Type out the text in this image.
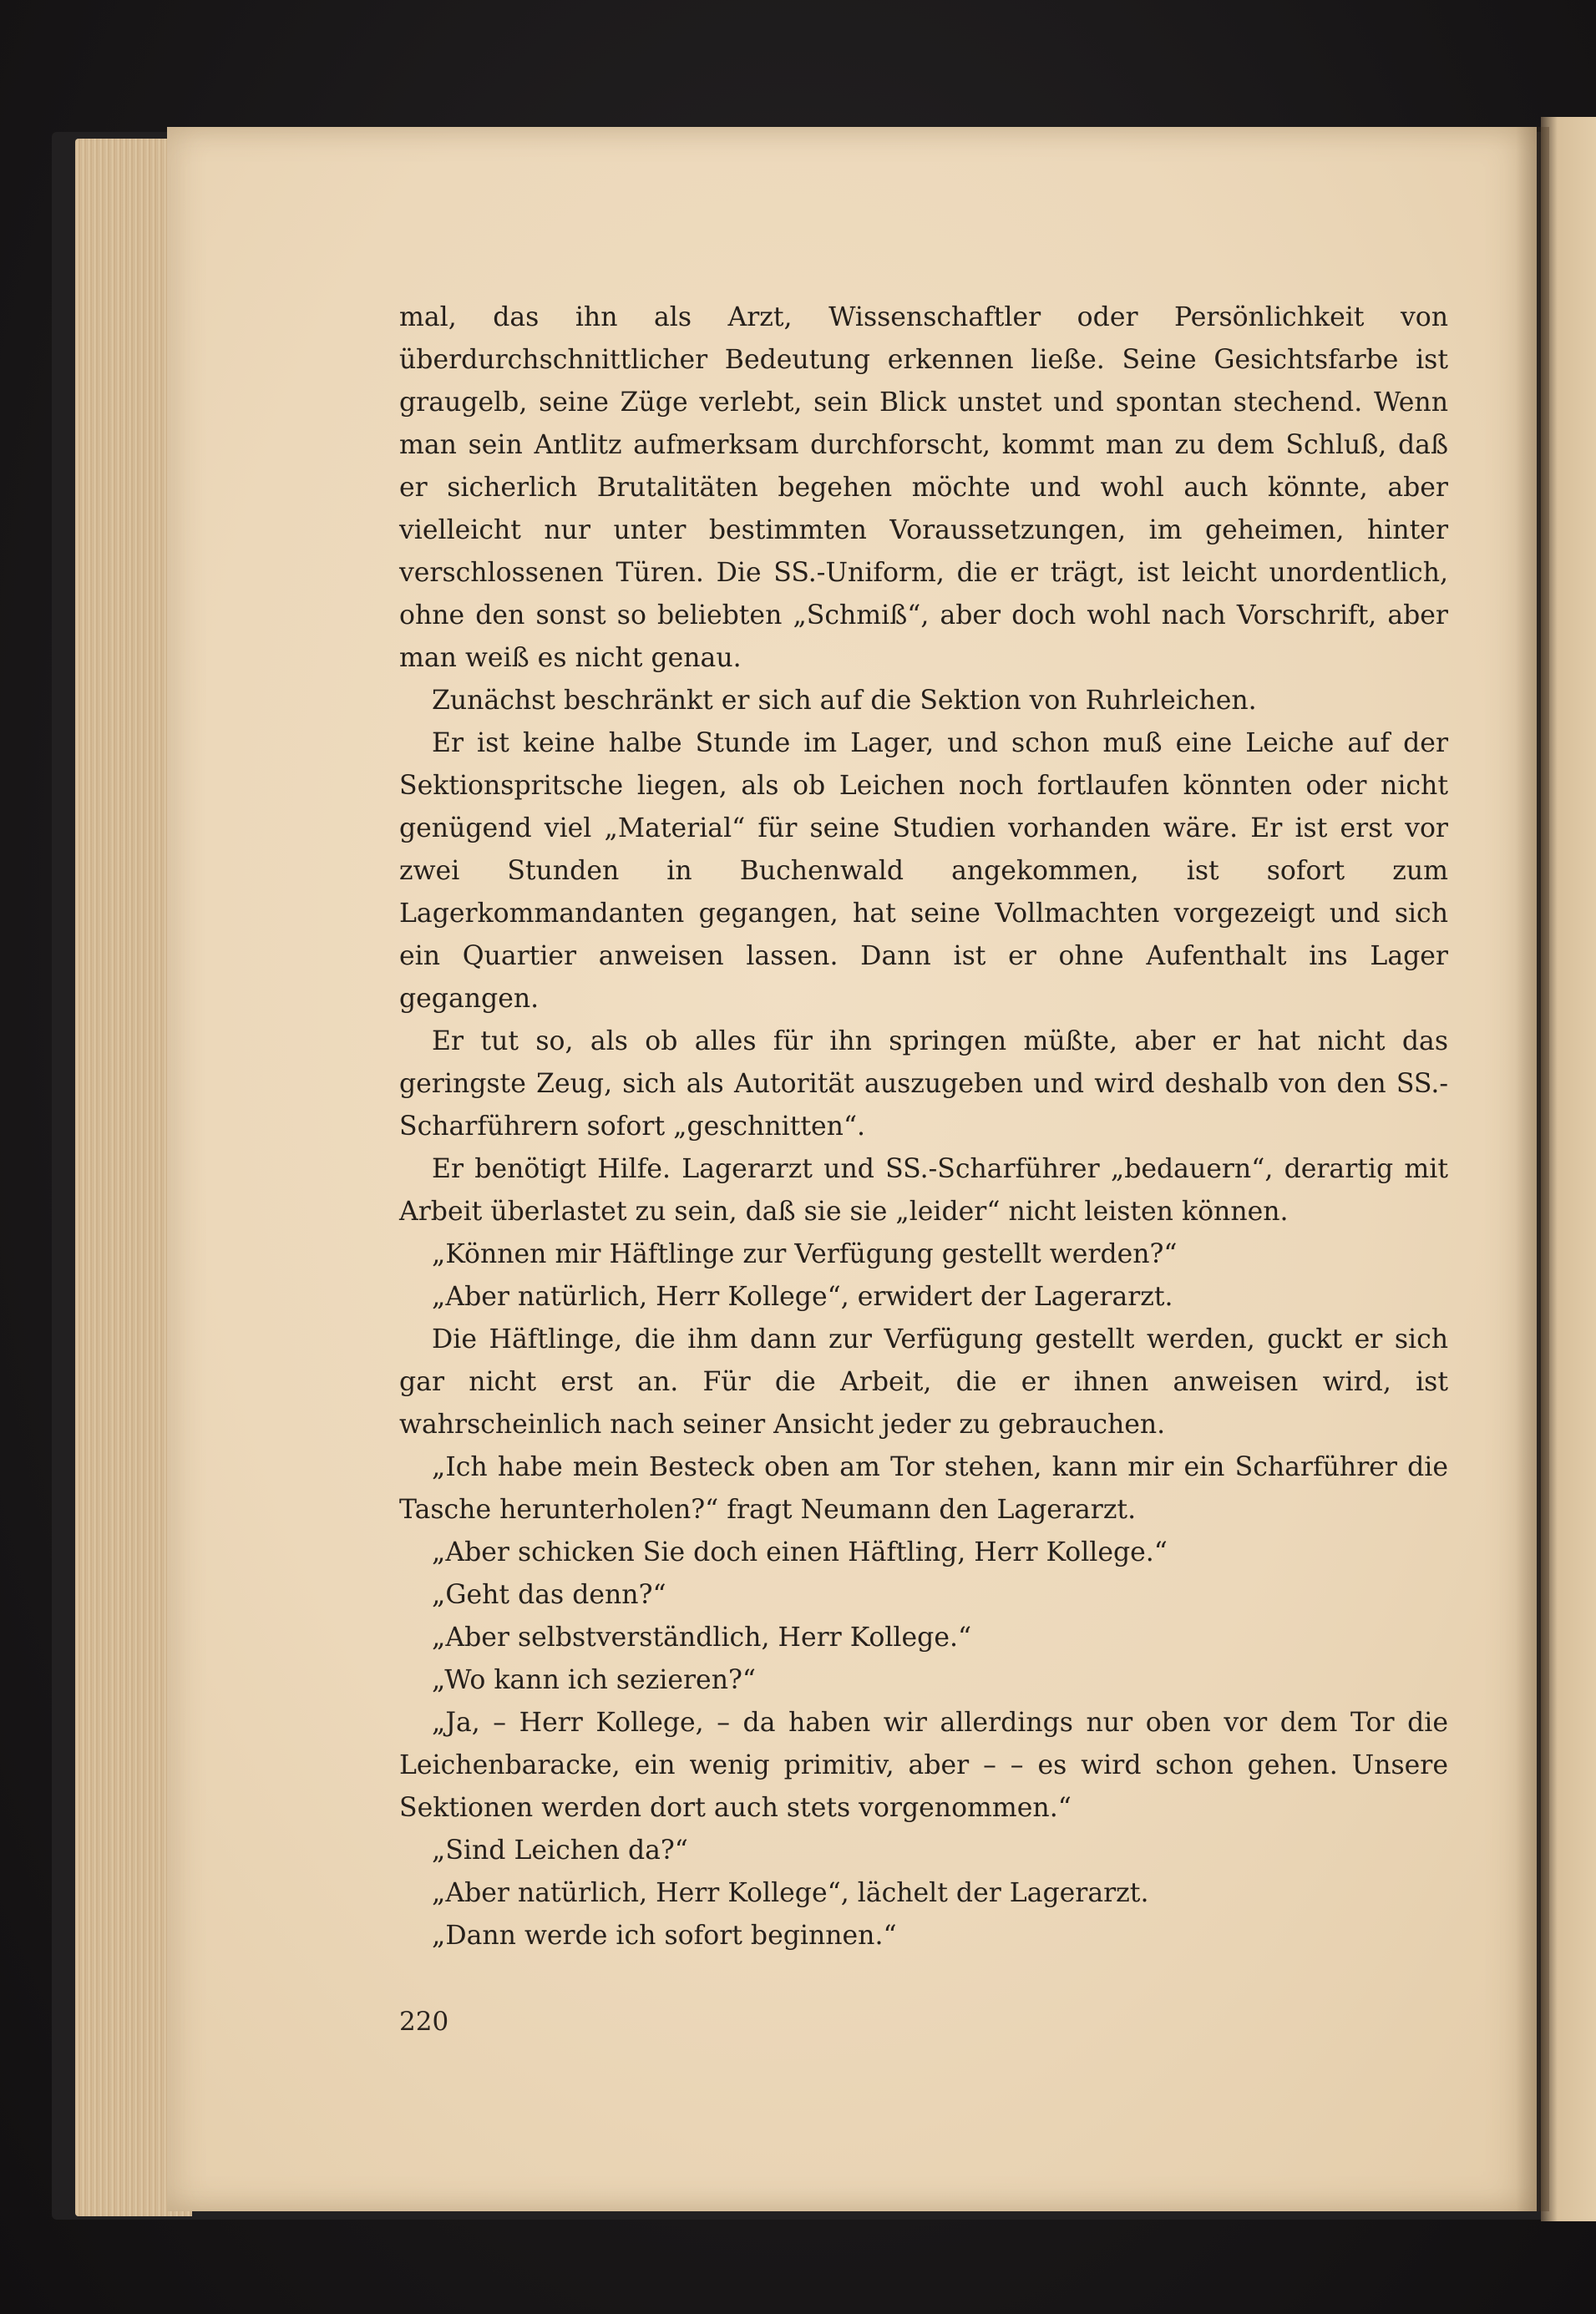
mal, das ihn als Arzt, Wissenschaftler oder Persönlichkeit von überdurchschnittlicher Bedeutung erkennen ließe. Seine Gesichtsfarbe ist graugelb, seine Züge verlebt, sein Blick unstet und spontan stechend. Wenn man sein Antlitz aufmerksam durchforscht, kommt man zu dem Schluß, daß er sicherlich Brutalitäten begehen möchte und wohl auch könnte, aber vielleicht nur unter bestimmten Voraussetzungen, im geheimen, hinter verschlossenen Türen. Die SS.-Uniform, die er trägt, ist leicht unordentlich, ohne den sonst so beliebten „Schmiß“, aber doch wohl nach Vorschrift, aber man weiß es nicht genau.

Zunächst beschränkt er sich auf die Sektion von Ruhrleichen.

Er ist keine halbe Stunde im Lager, und schon muß eine Leiche auf der Sektionspritsche liegen, als ob Leichen noch fortlaufen könnten oder nicht genügend viel „Material“ für seine Studien vorhanden wäre. Er ist erst vor zwei Stunden in Buchenwald angekommen, ist sofort zum Lagerkommandanten gegangen, hat seine Vollmachten vorgezeigt und sich ein Quartier anweisen lassen. Dann ist er ohne Aufenthalt ins Lager gegangen.

Er tut so, als ob alles für ihn springen müßte, aber er hat nicht das geringste Zeug, sich als Autorität auszugeben und wird deshalb von den SS.-Scharführern sofort „geschnitten“.

Er benötigt Hilfe. Lagerarzt und SS.-Scharführer „bedauern“, derartig mit Arbeit überlastet zu sein, daß sie sie „leider“ nicht leisten können.

„Können mir Häftlinge zur Verfügung gestellt werden?“

„Aber natürlich, Herr Kollege“, erwidert der Lagerarzt.

Die Häftlinge, die ihm dann zur Verfügung gestellt werden, guckt er sich gar nicht erst an. Für die Arbeit, die er ihnen anweisen wird, ist wahrscheinlich nach seiner Ansicht jeder zu gebrauchen.

„Ich habe mein Besteck oben am Tor stehen, kann mir ein Scharführer die Tasche herunterholen?“ fragt Neumann den Lagerarzt.

„Aber schicken Sie doch einen Häftling, Herr Kollege.“

„Geht das denn?“

„Aber selbstverständlich, Herr Kollege.“

„Wo kann ich sezieren?“

„Ja, – Herr Kollege, – da haben wir allerdings nur oben vor dem Tor die Leichenbaracke, ein wenig primitiv, aber – – es wird schon gehen. Unsere Sektionen werden dort auch stets vorgenommen.“

„Sind Leichen da?“

„Aber natürlich, Herr Kollege“, lächelt der Lagerarzt.

„Dann werde ich sofort beginnen.“

220
